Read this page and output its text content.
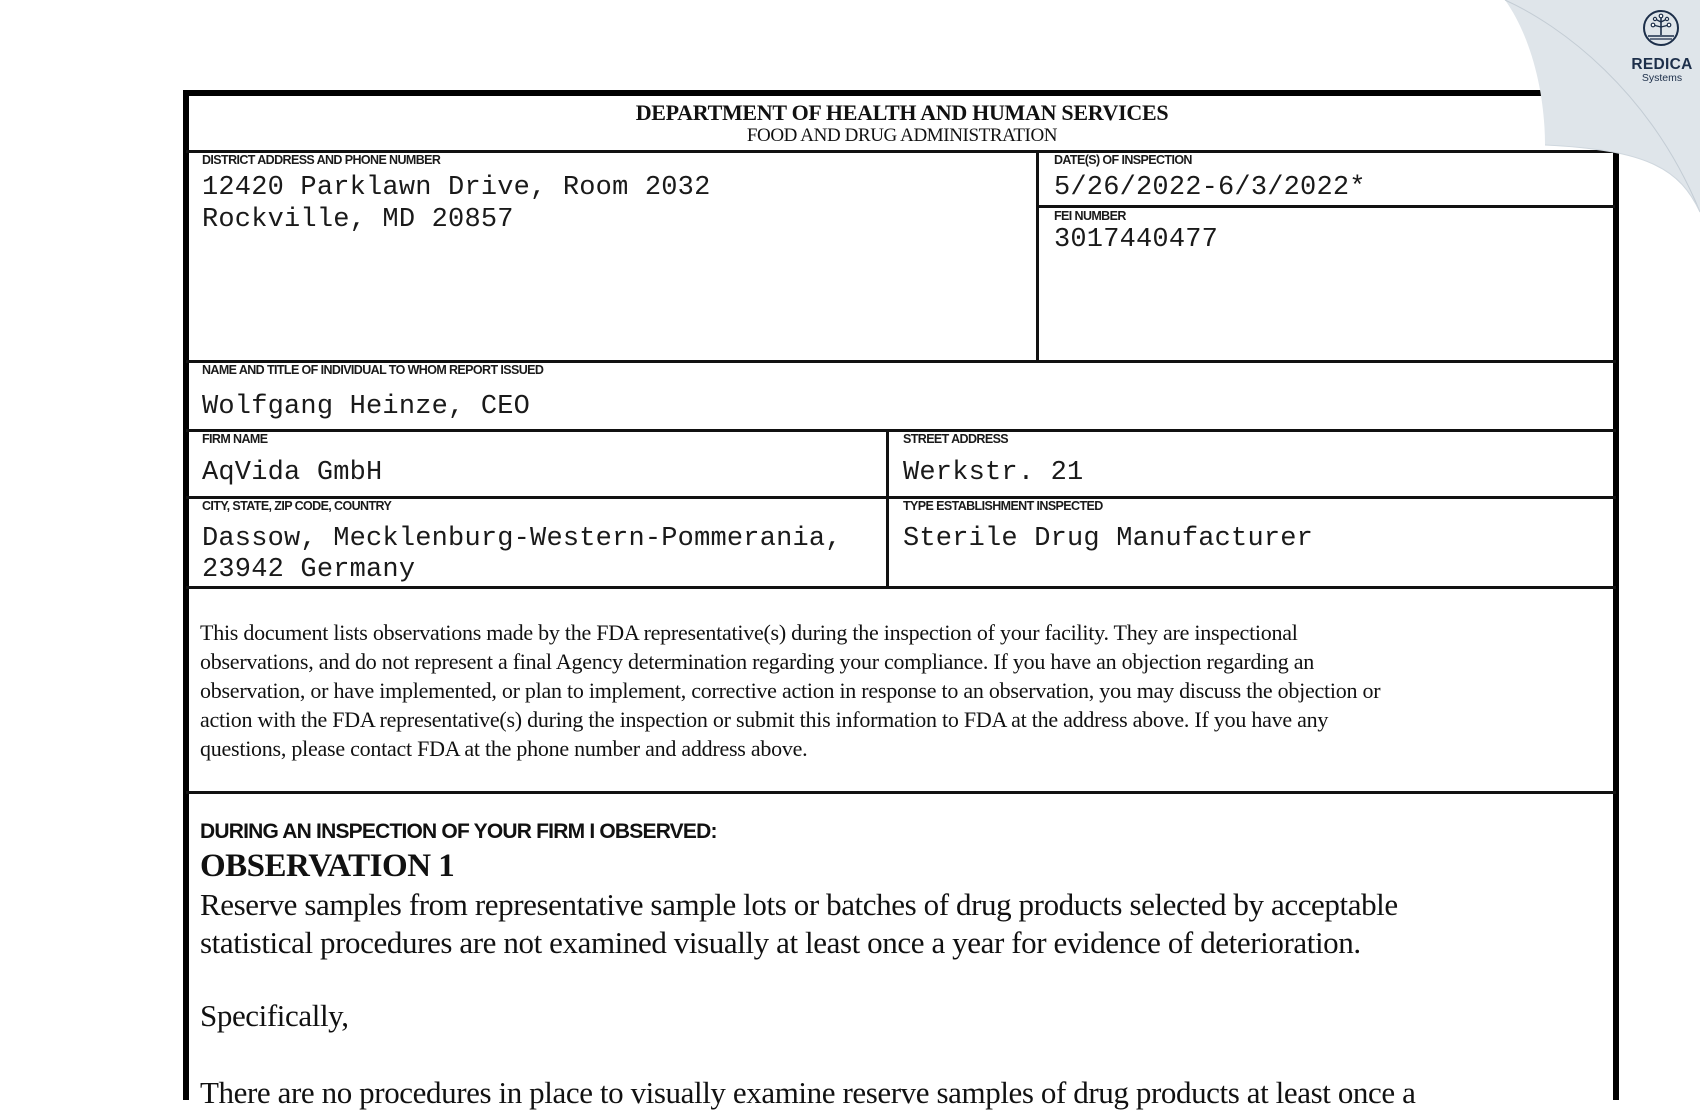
DEPARTMENT OF HEALTH AND HUMAN SERVICES
FOOD AND DRUG ADMINISTRATION
DISTRICT ADDRESS AND PHONE NUMBER
12420 Parklawn Drive, Room 2032
Rockville, MD 20857
DATE(S) OF INSPECTION
5/26/2022-6/3/2022*
FEI NUMBER
3017440477
NAME AND TITLE OF INDIVIDUAL TO WHOM REPORT ISSUED
Wolfgang Heinze, CEO
FIRM NAME
AqVida GmbH
STREET ADDRESS
Werkstr. 21
CITY, STATE, ZIP CODE, COUNTRY
Dassow, Mecklenburg-Western-Pommerania,
23942 Germany
TYPE ESTABLISHMENT INSPECTED
Sterile Drug Manufacturer
This document lists observations made by the FDA representative(s) during the inspection of your facility. They are inspectional
observations, and do not represent a final Agency determination regarding your compliance. If you have an objection regarding an
observation, or have implemented, or plan to implement, corrective action in response to an observation, you may discuss the objection or
action with the FDA representative(s) during the inspection or submit this information to FDA at the address above. If you have any
questions, please contact FDA at the phone number and address above.
DURING AN INSPECTION OF YOUR FIRM I OBSERVED:
OBSERVATION 1
Reserve samples from representative sample lots or batches of drug products selected by acceptable
statistical procedures are not examined visually at least once a year for evidence of deterioration.
Specifically,
There are no procedures in place to visually examine reserve samples of drug products at least once a
REDICA
Systems
